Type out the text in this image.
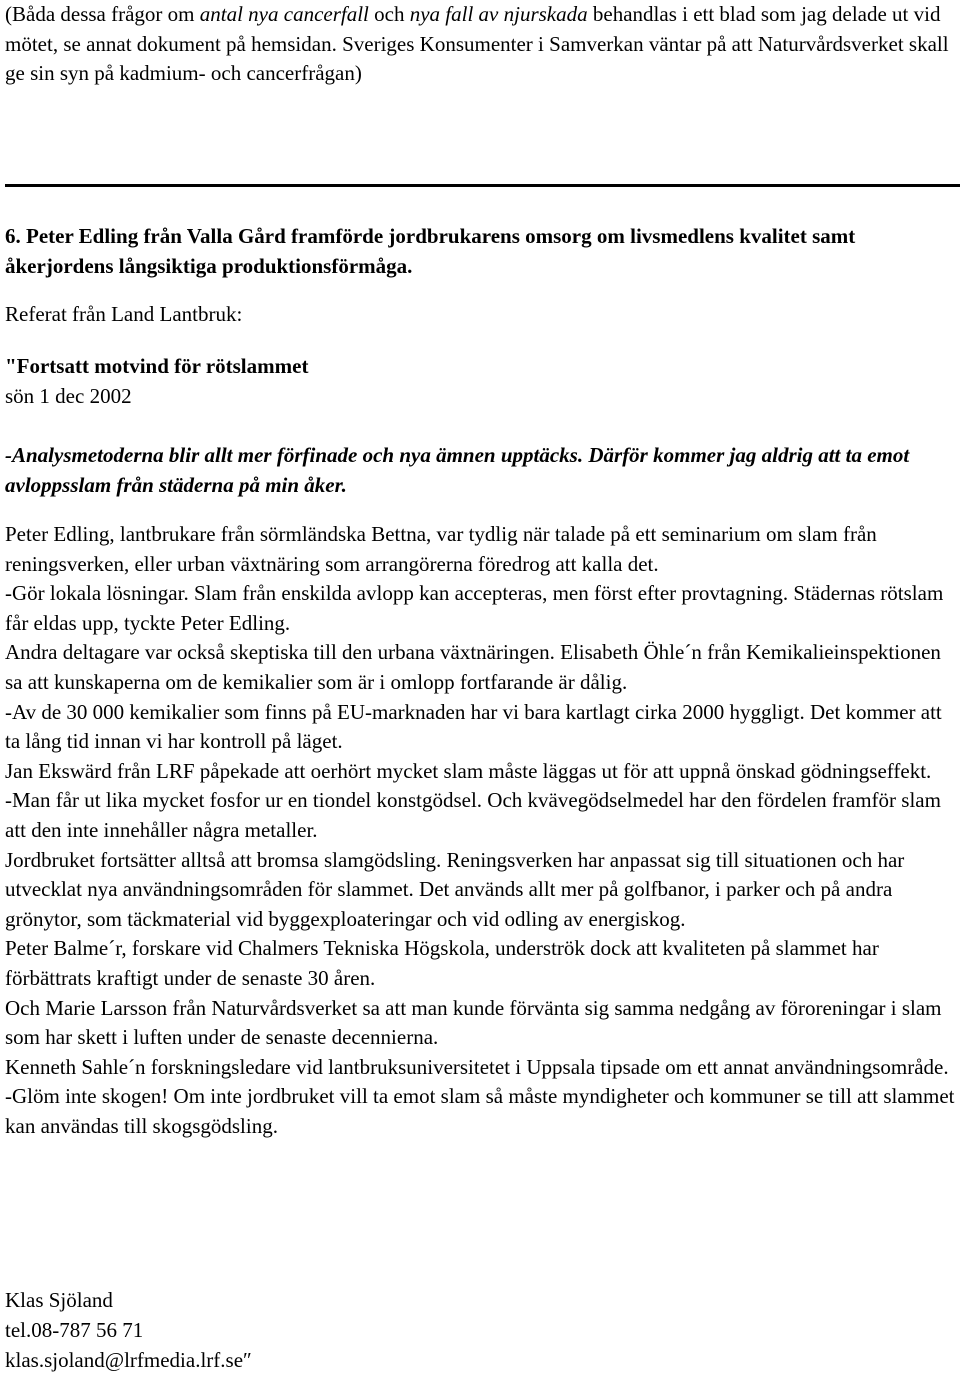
(Båda dessa frågor om antal nya cancerfall och nya fall av njurskada behandlas i ett blad som jag delade ut vid mötet, se annat dokument på hemsidan. Sveriges Konsumenter i Samverkan väntar på att Naturvårdsverket skall ge sin syn på kadmium- och cancerfrågan)

6. Peter Edling från Valla Gård framförde jordbrukarens omsorg om livsmedlens kvalitet samt åkerjordens långsiktiga produktionsförmåga.

Referat från Land Lantbruk:

"Fortsatt motvind för rötslammet

sön 1 dec 2002

-Analysmetoderna blir allt mer förfinade och nya ämnen upptäcks. Därför kommer jag aldrig att ta emot avloppsslam från städerna på min åker.

Peter Edling, lantbrukare från sörmländska Bettna, var tydlig när talade på ett seminarium om slam från reningsverken, eller urban växtnäring som arrangörerna föredrog att kalla det.

-Gör lokala lösningar. Slam från enskilda avlopp kan accepteras, men först efter provtagning. Städernas rötslam får eldas upp, tyckte Peter Edling.

Andra deltagare var också skeptiska till den urbana växtnäringen. Elisabeth Öhle´n från Kemikalieinspektionen sa att kunskaperna om de kemikalier som är i omlopp fortfarande är dålig.

-Av de 30 000 kemikalier som finns på EU-marknaden har vi bara kartlagt cirka 2000 hyggligt. Det kommer att ta lång tid innan vi har kontroll på läget.

Jan Ekswärd från LRF påpekade att oerhört mycket slam måste läggas ut för att uppnå önskad gödningseffekt.

-Man får ut lika mycket fosfor ur en tiondel konstgödsel. Och kvävegödselmedel har den fördelen framför slam att den inte innehåller några metaller.

Jordbruket fortsätter alltså att bromsa slamgödsling. Reningsverken har anpassat sig till situationen och har utvecklat nya användningsområden för slammet. Det används allt mer på golfbanor, i parker och på andra grönytor, som täckmaterial vid byggexploateringar och vid odling av energiskog.

Peter Balme´r, forskare vid Chalmers Tekniska Högskola, underströk dock att kvaliteten på slammet har förbättrats kraftigt under de senaste 30 åren.

Och Marie Larsson från Naturvårdsverket sa att man kunde förvänta sig samma nedgång av föroreningar i slam som har skett i luften under de senaste decennierna.

Kenneth Sahle´n forskningsledare vid lantbruksuniversitetet i Uppsala tipsade om ett annat användningsområde.

-Glöm inte skogen! Om inte jordbruket vill ta emot slam så måste myndigheter och kommuner se till att slammet kan användas till skogsgödsling.

Klas Sjöland

tel.08-787 56 71

klas.sjoland@lrfmedia.lrf.se″
